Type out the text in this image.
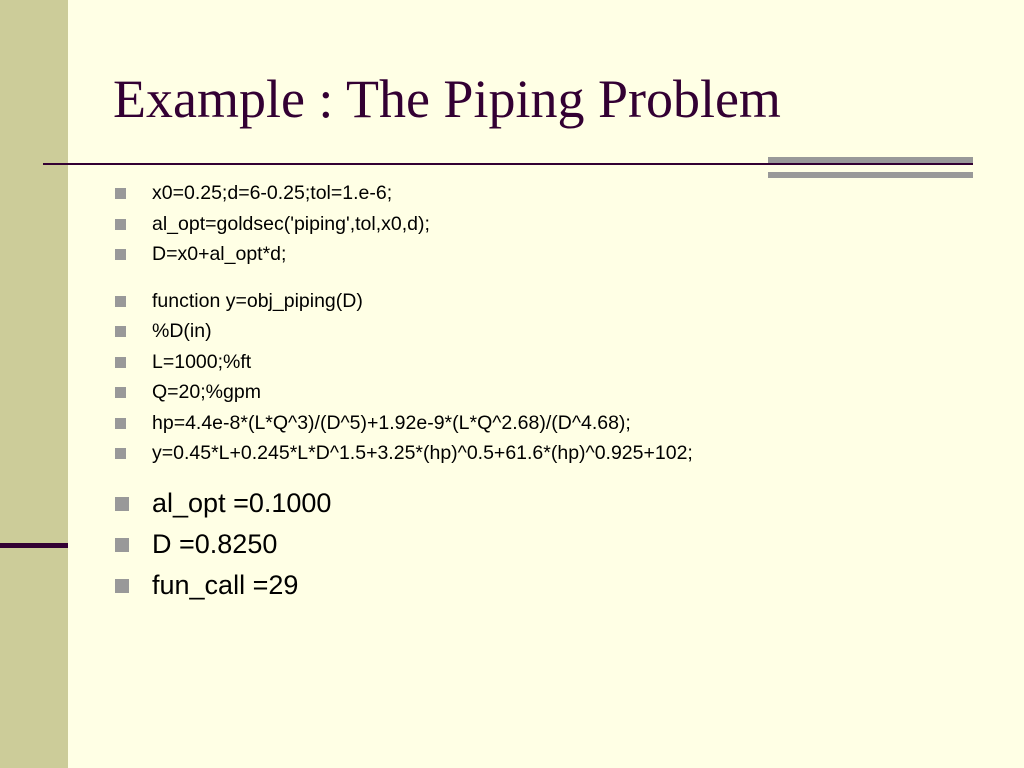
Example : The Piping Problem
x0=0.25;d=6-0.25;tol=1.e-6;
al_opt=goldsec('piping',tol,x0,d);
D=x0+al_opt*d;
function y=obj_piping(D)
%D(in)
L=1000;%ft
Q=20;%gpm
hp=4.4e-8*(L*Q^3)/(D^5)+1.92e-9*(L*Q^2.68)/(D^4.68);
y=0.45*L+0.245*L*D^1.5+3.25*(hp)^0.5+61.6*(hp)^0.925+102;
al_opt =0.1000
D =0.8250
fun_call =29
